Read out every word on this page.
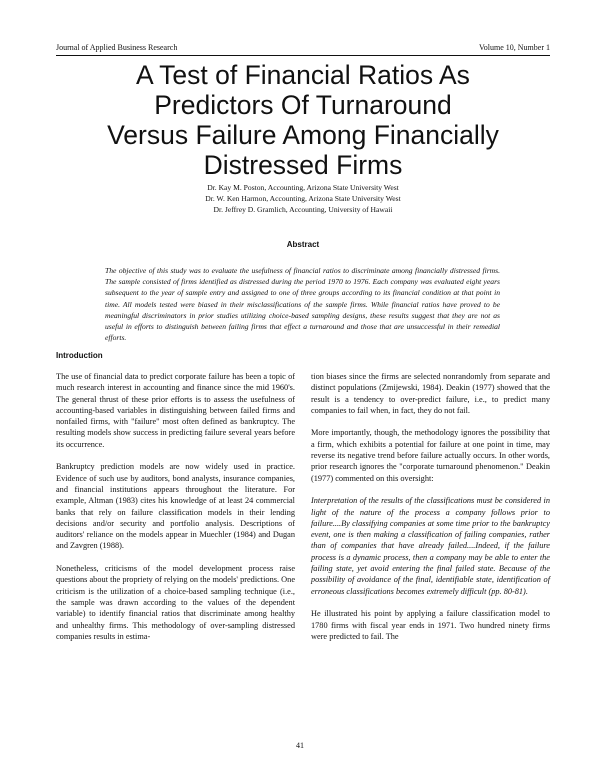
Journal of Applied Business Research	Volume 10, Number 1
A Test of Financial Ratios As
Predictors Of Turnaround
Versus Failure Among Financially
Distressed Firms
Dr. Kay M. Poston, Accounting, Arizona State University West
Dr. W. Ken Harmon, Accounting, Arizona State University West
Dr. Jeffrey D. Gramlich, Accounting, University of Hawaii
Abstract
The objective of this study was to evaluate the usefulness of financial ratios to discriminate among financially distressed firms. The sample consisted of firms identified as distressed during the period 1970 to 1976. Each company was evaluated eight years subsequent to the year of sample entry and assigned to one of three groups according to its financial condition at that point in time. All models tested were biased in their misclassifications of the sample firms. While financial ratios have proved to be meaningful discriminators in prior studies utilizing choice-based sampling designs, these results suggest that they are not as useful in efforts to distinguish between failing firms that effect a turnaround and those that are unsuccessful in their remedial efforts.
Introduction

The use of financial data to predict corporate failure has been a topic of much research interest in accounting and finance since the mid 1960's. The general thrust of these prior efforts is to assess the usefulness of accounting-based variables in distinguishing between failed firms and nonfailed firms, with "failure" most often defined as bankruptcy. The resulting models show success in predicting failure several years before its occurrence.

Bankruptcy prediction models are now widely used in practice. Evidence of such use by auditors, bond analysts, insurance companies, and financial institutions appears throughout the literature. For example, Altman (1983) cites his knowledge of at least 24 commercial banks that rely on failure classification models in their lending decisions and/or security and portfolio analysis. Descriptions of auditors' reliance on the models appear in Muechler (1984) and Dugan and Zavgren (1988).

Nonetheless, criticisms of the model development process raise questions about the propriety of relying on the models' predictions. One criticism is the utilization of a choice-based sampling technique (i.e., the sample was drawn according to the values of the dependent variable) to identify financial ratios that discriminate among healthy and unhealthy firms. This methodology of over-sampling distressed companies results in estima-

tion biases since the firms are selected nonrandomly from separate and distinct populations (Zmijewski, 1984). Deakin (1977) showed that the result is a tendency to over-predict failure, i.e., to predict many companies to fail when, in fact, they do not fail.

More importantly, though, the methodology ignores the possibility that a firm, which exhibits a potential for failure at one point in time, may reverse its negative trend before failure actually occurs. In other words, prior research ignores the "corporate turnaround phenomenon." Deakin (1977) commented on this oversight:

Interpretation of the results of the classifications must be considered in light of the nature of the process a company follows prior to failure....By classifying companies at some time prior to the bankruptcy event, one is then making a classification of failing companies, rather than of companies that have already failed....Indeed, if the failure process is a dynamic process, then a company may be able to enter the failing state, yet avoid entering the final failed state. Because of the possibility of avoidance of the final, identifiable state, identification of erroneous classifications becomes extremely difficult (pp. 80-81).

He illustrated his point by applying a failure classification model to 1780 firms with fiscal year ends in 1971. Two hundred ninety firms were predicted to fail. The

41
